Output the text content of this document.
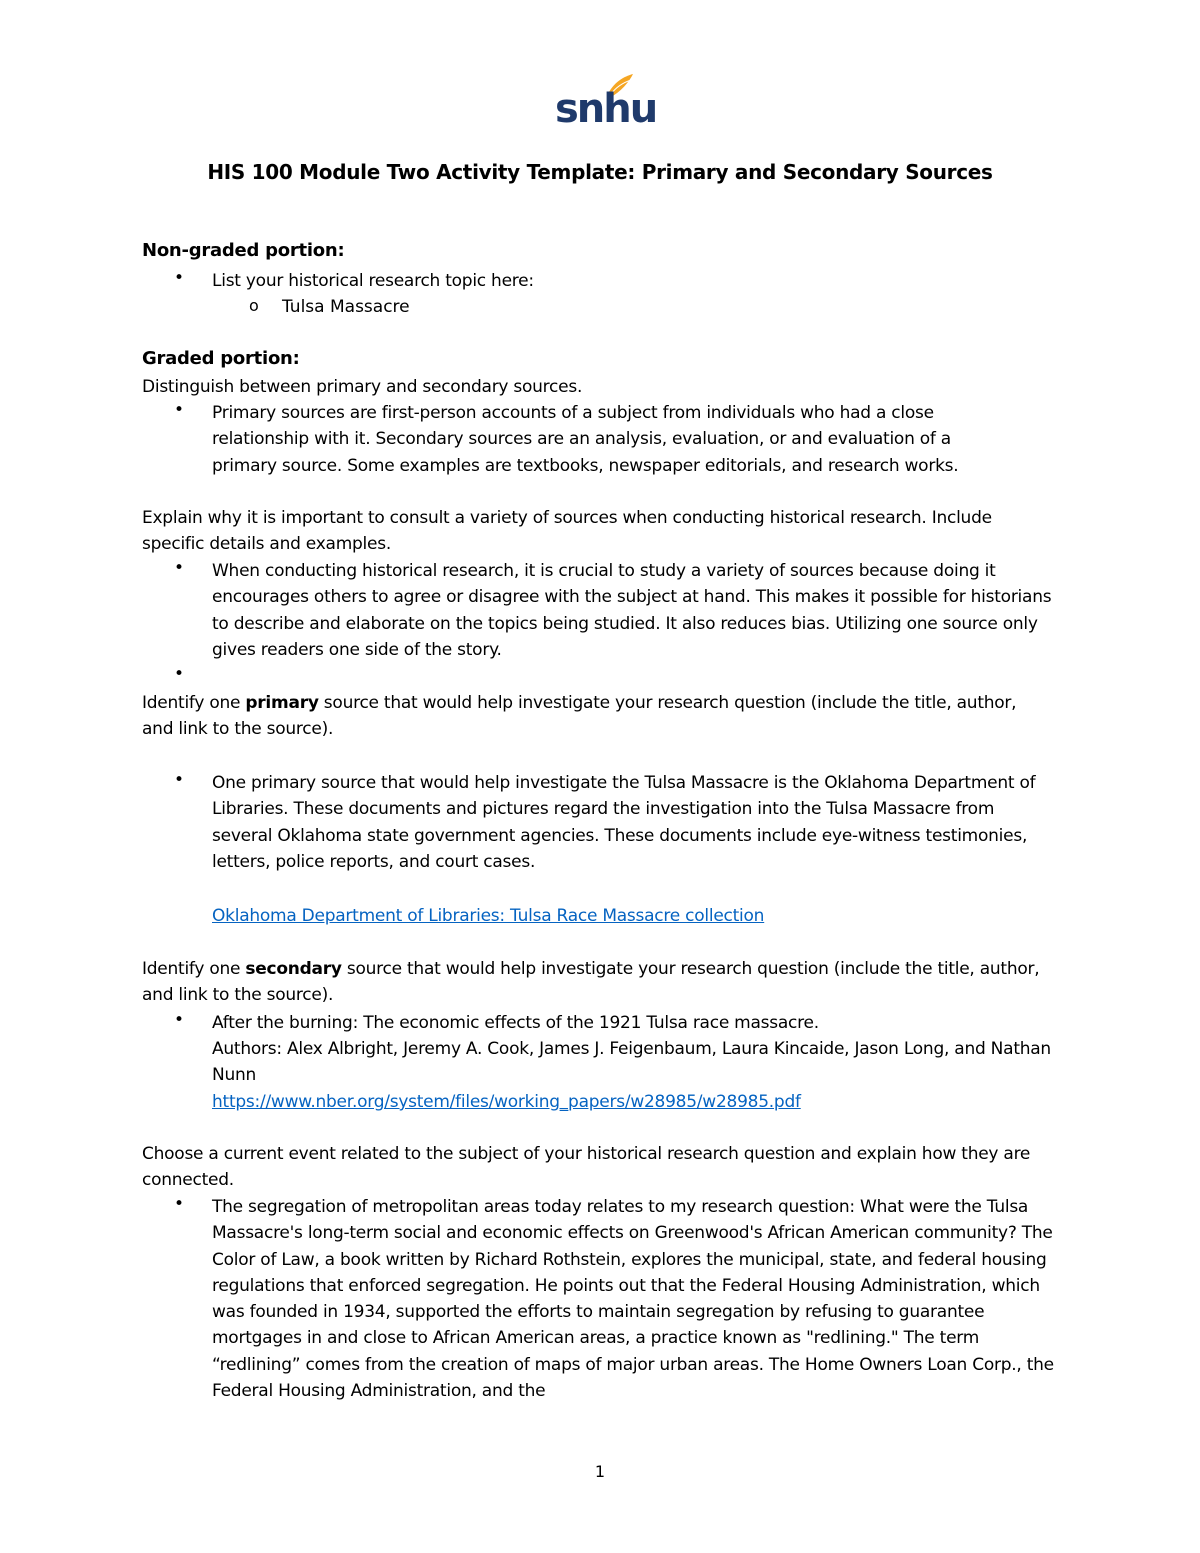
snhu
HIS 100 Module Two Activity Template: Primary and Secondary Sources
Non-graded portion:
•	List your historical research topic here:
o Tulsa Massacre
Graded portion:
Distinguish between primary and secondary sources.
•	Primary sources are first-person accounts of a subject from individuals who had a close relationship with it. Secondary sources are an analysis, evaluation, or and evaluation of a primary source. Some examples are textbooks, newspaper editorials, and research works.
Explain why it is important to consult a variety of sources when conducting historical research. Include specific details and examples.
•	When conducting historical research, it is crucial to study a variety of sources because doing it encourages others to agree or disagree with the subject at hand. This makes it possible for historians to describe and elaborate on the topics being studied. It also reduces bias. Utilizing one source only gives readers one side of the story.
•
Identify one primary source that would help investigate your research question (include the title, author, and link to the source).
•	One primary source that would help investigate the Tulsa Massacre is the Oklahoma Department of Libraries. These documents and pictures regard the investigation into the Tulsa Massacre from several Oklahoma state government agencies. These documents include eye-witness testimonies, letters, police reports, and court cases.
Oklahoma Department of Libraries: Tulsa Race Massacre collection
Identify one secondary source that would help investigate your research question (include the title, author, and link to the source).
•	After the burning: The economic effects of the 1921 Tulsa race massacre.
Authors: Alex Albright, Jeremy A. Cook, James J. Feigenbaum, Laura Kincaide, Jason Long, and Nathan Nunn
https://www.nber.org/system/files/working_papers/w28985/w28985.pdf
Choose a current event related to the subject of your historical research question and explain how they are connected.
•	The segregation of metropolitan areas today relates to my research question: What were the Tulsa Massacre's long-term social and economic effects on Greenwood's African American community? The Color of Law, a book written by Richard Rothstein, explores the municipal, state, and federal housing regulations that enforced segregation. He points out that the Federal Housing Administration, which was founded in 1934, supported the efforts to maintain segregation by refusing to guarantee mortgages in and close to African American areas, a practice known as "redlining." The term “redlining” comes from the creation of maps of major urban areas. The Home Owners Loan Corp., the Federal Housing Administration, and the
1
